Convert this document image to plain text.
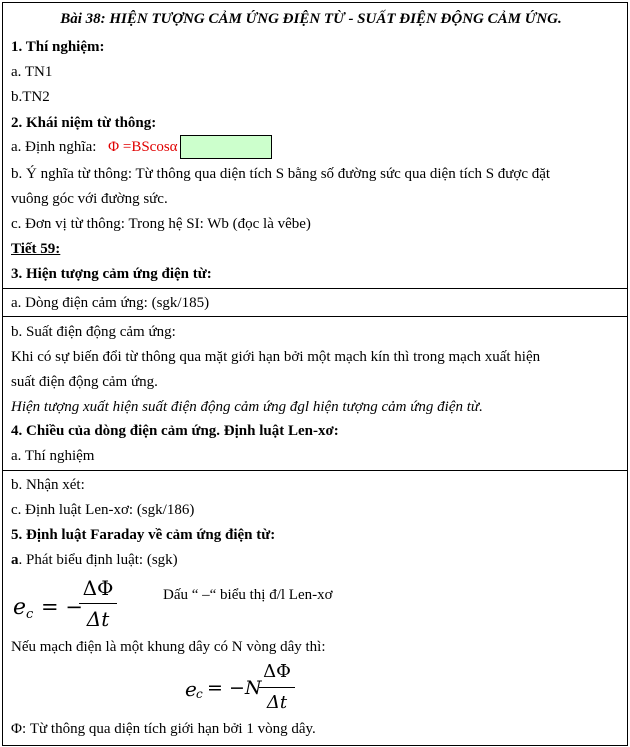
Bài 38: HIỆN TƯỢNG CẢM ỨNG ĐIỆN TỪ - SUẤT ĐIỆN ĐỘNG CẢM ỨNG.
1. Thí nghiệm:
a. TN1
b.TN2
2. Khái niệm từ thông:
a. Định nghĩa: Φ =BScosα
b. Ý nghĩa từ thông: Từ thông qua diện tích S bằng số đường sức qua diện tích S được đặt
vuông góc với đường sức.
c. Đơn vị từ thông: Trong hệ SI: Wb (đọc là vêbe)
Tiết 59:
3. Hiện tượng cảm ứng điện từ:
a. Dòng điện cảm ứng: (sgk/185)
b. Suất điện động cảm ứng:
Khi có sự biến đổi từ thông qua mặt giới hạn bởi một mạch kín thì trong mạch xuất hiện
suất điện động cảm ứng.
Hiện tượng xuất hiện suất điện động cảm ứng đgl hiện tượng cảm ứng điện từ.
4. Chiều của dòng điện cảm ứng. Định luật Len-xơ:
a. Thí nghiệm
b. Nhận xét:
c. Định luật Len-xơ: (sgk/186)
5. Định luật Faraday về cảm ứng điện từ:
a. Phát biểu định luật: (sgk)
e c = −
ΔΦ
Δt
Dấu “ –“ biểu thị đ/l Len-xơ
Nếu mạch điện là một khung dây có N vòng dây thì:
e c = −N
ΔΦ
Δt
Φ: Từ thông qua diện tích giới hạn bởi 1 vòng dây.
